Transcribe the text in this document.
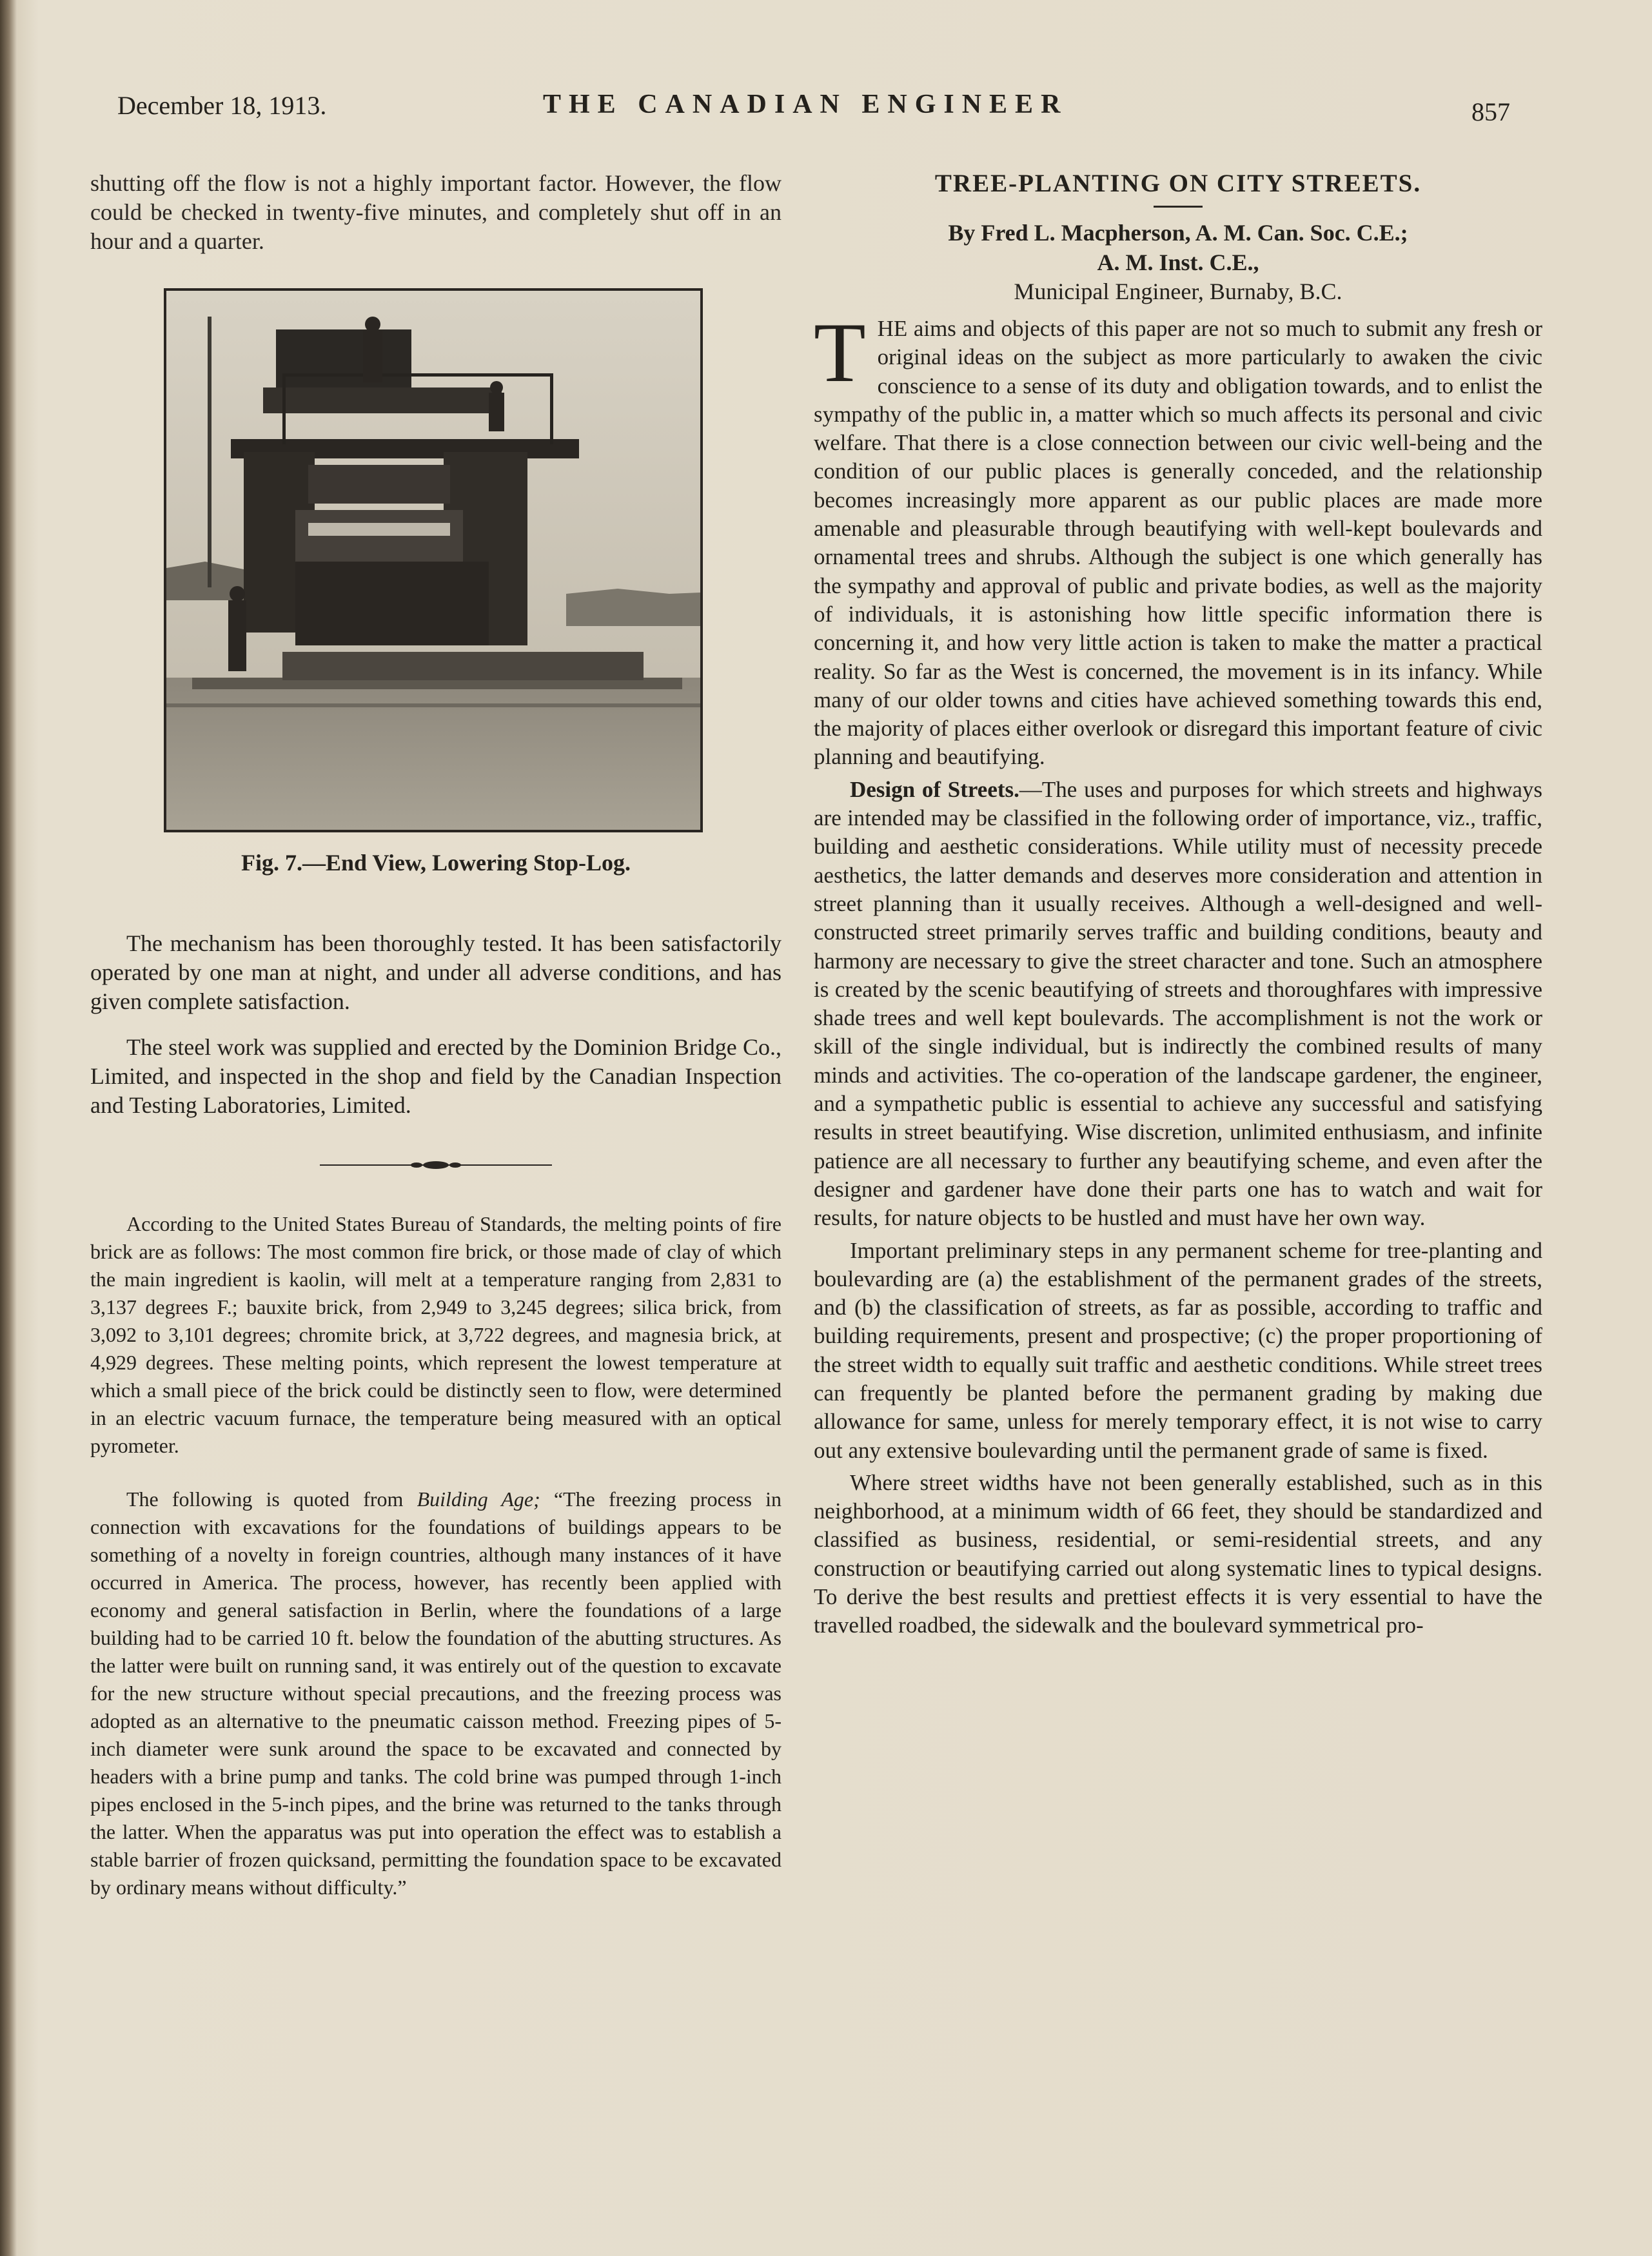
December 18, 1913.	THE CANADIAN ENGINEER	857

shutting off the flow is not a highly important factor. However, the flow could be checked in twenty-five minutes, and completely shut off in an hour and a quarter.

Fig. 7.—End View, Lowering Stop-Log.

The mechanism has been thoroughly tested. It has been satisfactorily operated by one man at night, and under all adverse conditions, and has given complete satisfaction.

The steel work was supplied and erected by the Dominion Bridge Co., Limited, and inspected in the shop and field by the Canadian Inspection and Testing Laboratories, Limited.

According to the United States Bureau of Standards, the melting points of fire brick are as follows: The most common fire brick, or those made of clay of which the main ingredient is kaolin, will melt at a temperature ranging from 2,831 to 3,137 degrees F.; bauxite brick, from 2,949 to 3,245 degrees; silica brick, from 3,092 to 3,101 degrees; chromite brick, at 3,722 degrees, and magnesia brick, at 4,929 degrees. These melting points, which represent the lowest temperature at which a small piece of the brick could be distinctly seen to flow, were determined in an electric vacuum furnace, the temperature being measured with an optical pyrometer.

The following is quoted from Building Age; “The freezing process in connection with excavations for the foundations of buildings appears to be something of a novelty in foreign countries, although many instances of it have occurred in America. The process, however, has recently been applied with economy and general satisfaction in Berlin, where the foundations of a large building had to be carried 10 ft. below the foundation of the abutting structures. As the latter were built on running sand, it was entirely out of the question to excavate for the new structure without special precautions, and the freezing process was adopted as an alternative to the pneumatic caisson method. Freezing pipes of 5-inch diameter were sunk around the space to be excavated and connected by headers with a brine pump and tanks. The cold brine was pumped through 1-inch pipes enclosed in the 5-inch pipes, and the brine was returned to the tanks through the latter. When the apparatus was put into operation the effect was to establish a stable barrier of frozen quicksand, permitting the foundation space to be excavated by ordinary means without difficulty.”

TREE-PLANTING ON CITY STREETS.
By Fred L. Macpherson, A. M. Can. Soc. C.E.;
A. M. Inst. C.E.,
Municipal Engineer, Burnaby, B.C.

THE aims and objects of this paper are not so much to submit any fresh or original ideas on the subject as more particularly to awaken the civic conscience to a sense of its duty and obligation towards, and to enlist the sympathy of the public in, a matter which so much affects its personal and civic welfare. That there is a close connection between our civic well-being and the condition of our public places is generally conceded, and the relationship becomes increasingly more apparent as our public places are made more amenable and pleasurable through beautifying with well-kept boulevards and ornamental trees and shrubs. Although the subject is one which generally has the sympathy and approval of public and private bodies, as well as the majority of individuals, it is astonishing how little specific information there is concerning it, and how very little action is taken to make the matter a practical reality. So far as the West is concerned, the movement is in its infancy. While many of our older towns and cities have achieved something towards this end, the majority of places either overlook or disregard this important feature of civic planning and beautifying.

Design of Streets.—The uses and purposes for which streets and highways are intended may be classified in the following order of importance, viz., traffic, building and aesthetic considerations. While utility must of necessity precede aesthetics, the latter demands and deserves more consideration and attention in street planning than it usually receives. Although a well-designed and well-constructed street primarily serves traffic and building conditions, beauty and harmony are necessary to give the street character and tone. Such an atmosphere is created by the scenic beautifying of streets and thoroughfares with impressive shade trees and well kept boulevards. The accomplishment is not the work or skill of the single individual, but is indirectly the combined results of many minds and activities. The co-operation of the landscape gardener, the engineer, and a sympathetic public is essential to achieve any successful and satisfying results in street beautifying. Wise discretion, unlimited enthusiasm, and infinite patience are all necessary to further any beautifying scheme, and even after the designer and gardener have done their parts one has to watch and wait for results, for nature objects to be hustled and must have her own way.

Important preliminary steps in any permanent scheme for tree-planting and boulevarding are (a) the establishment of the permanent grades of the streets, and (b) the classification of streets, as far as possible, according to traffic and building requirements, present and prospective; (c) the proper proportioning of the street width to equally suit traffic and aesthetic conditions. While street trees can frequently be planted before the permanent grading by making due allowance for same, unless for merely temporary effect, it is not wise to carry out any extensive boulevarding until the permanent grade of same is fixed.

Where street widths have not been generally established, such as in this neighborhood, at a minimum width of 66 feet, they should be standardized and classified as business, residential, or semi-residential streets, and any construction or beautifying carried out along systematic lines to typical designs. To derive the best results and prettiest effects it is very essential to have the travelled roadbed, the sidewalk and the boulevard symmetrical pro-
